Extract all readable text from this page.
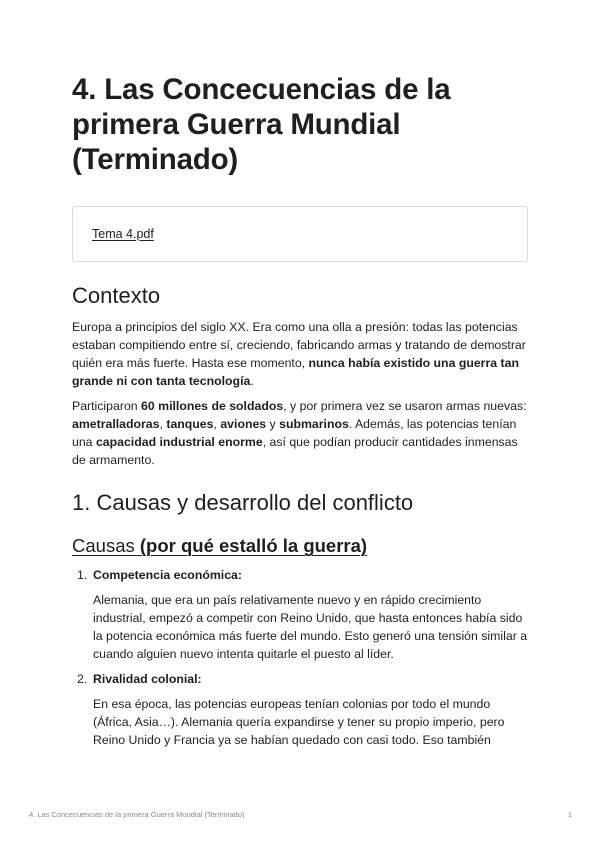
4. Las Concecuencias de la primera Guerra Mundial (Terminado)
Tema 4.pdf
Contexto

Europa a principios del siglo XX. Era como una olla a presión: todas las potencias estaban compitiendo entre sí, creciendo, fabricando armas y tratando de demostrar quién era más fuerte. Hasta ese momento, nunca había existido una guerra tan grande ni con tanta tecnología.

Participaron 60 millones de soldados, y por primera vez se usaron armas nuevas: ametralladoras, tanques, aviones y submarinos. Además, las potencias tenían una capacidad industrial enorme, así que podían producir cantidades inmensas de armamento.

1. Causas y desarrollo del conflicto
Causas (por qué estalló la guerra)
1. Competencia económica:

Alemania, que era un país relativamente nuevo y en rápido crecimiento industrial, empezó a competir con Reino Unido, que hasta entonces había sido la potencia económica más fuerte del mundo. Esto generó una tensión similar a cuando alguien nuevo intenta quitarle el puesto al líder.

2. Rivalidad colonial:

En esa época, las potencias europeas tenían colonias por todo el mundo (África, Asia…). Alemania quería expandirse y tener su propio imperio, pero Reino Unido y Francia ya se habían quedado con casi todo. Eso también

4. Las Concecuencias de la primera Guerra Mundial (Terminado)	1
